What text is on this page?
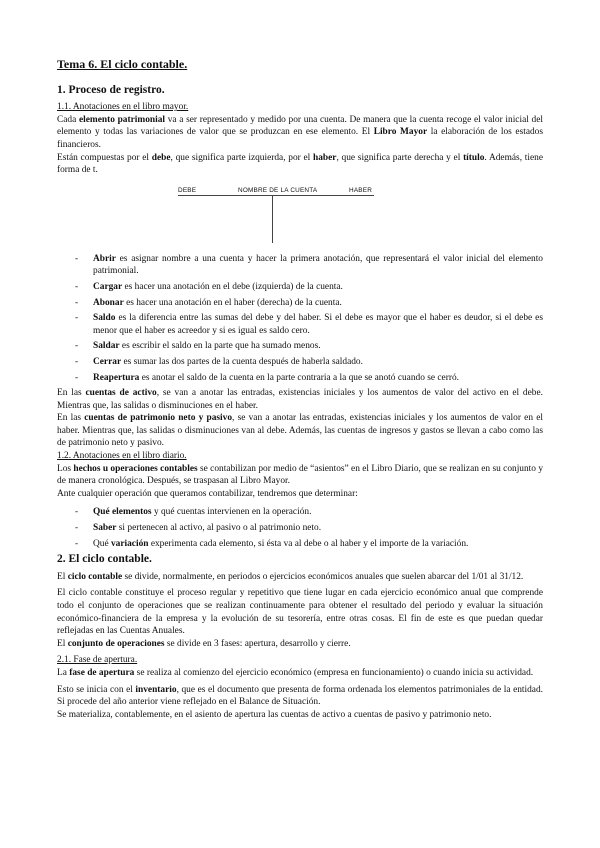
Tema 6. El ciclo contable.
1. Proceso de registro.
1.1. Anotaciones en el libro mayor.

Cada elemento patrimonial va a ser representado y medido por una cuenta. De manera que la cuenta recoge el valor inicial del elemento y todas las variaciones de valor que se produzcan en ese elemento. El Libro Mayor la elaboración de los estados financieros.

Están compuestas por el debe, que significa parte izquierda, por el haber, que significa parte derecha y el título. Además, tiene forma de t.

DEBE	NOMBRE DE LA CUENTA	HABER
- Abrir es asignar nombre a una cuenta y hacer la primera anotación, que representará el valor inicial del elemento patrimonial.
- Cargar es hacer una anotación en el debe (izquierda) de la cuenta.
- Abonar es hacer una anotación en el haber (derecha) de la cuenta.
- Saldo es la diferencia entre las sumas del debe y del haber. Si el debe es mayor que el haber es deudor, si el debe es menor que el haber es acreedor y si es igual es saldo cero.
- Saldar es escribir el saldo en la parte que ha sumado menos.
- Cerrar es sumar las dos partes de la cuenta después de haberla saldado.
- Reapertura es anotar el saldo de la cuenta en la parte contraria a la que se anotó cuando se cerró.

En las cuentas de activo, se van a anotar las entradas, existencias iniciales y los aumentos de valor del activo en el debe. Mientras que, las salidas o disminuciones en el haber.

En las cuentas de patrimonio neto y pasivo, se van a anotar las entradas, existencias iniciales y los aumentos de valor en el haber. Mientras que, las salidas o disminuciones van al debe. Además, las cuentas de ingresos y gastos se llevan a cabo como las de patrimonio neto y pasivo.

1.2. Anotaciones en el libro diario.

Los hechos u operaciones contables se contabilizan por medio de “asientos” en el Libro Diario, que se realizan en su conjunto y de manera cronológica. Después, se traspasan al Libro Mayor.

Ante cualquier operación que queramos contabilizar, tendremos que determinar:

- Qué elementos y qué cuentas intervienen en la operación.
- Saber si pertenecen al activo, al pasivo o al patrimonio neto.
- Qué variación experimenta cada elemento, si ésta va al debe o al haber y el importe de la variación.
2. El ciclo contable.

El ciclo contable se divide, normalmente, en periodos o ejercicios económicos anuales que suelen abarcar del 1/01 al 31/12.

El ciclo contable constituye el proceso regular y repetitivo que tiene lugar en cada ejercicio económico anual que comprende todo el conjunto de operaciones que se realizan continuamente para obtener el resultado del periodo y evaluar la situación económico-financiera de la empresa y la evolución de su tesorería, entre otras cosas. El fin de este es que puedan quedar reflejadas en las Cuentas Anuales.

El conjunto de operaciones se divide en 3 fases: apertura, desarrollo y cierre.

2.1. Fase de apertura.

La fase de apertura se realiza al comienzo del ejercicio económico (empresa en funcionamiento) o cuando inicia su actividad.

Esto se inicia con el inventario, que es el documento que presenta de forma ordenada los elementos patrimoniales de la entidad. Si procede del año anterior viene reflejado en el Balance de Situación.

Se materializa, contablemente, en el asiento de apertura las cuentas de activo a cuentas de pasivo y patrimonio neto.
